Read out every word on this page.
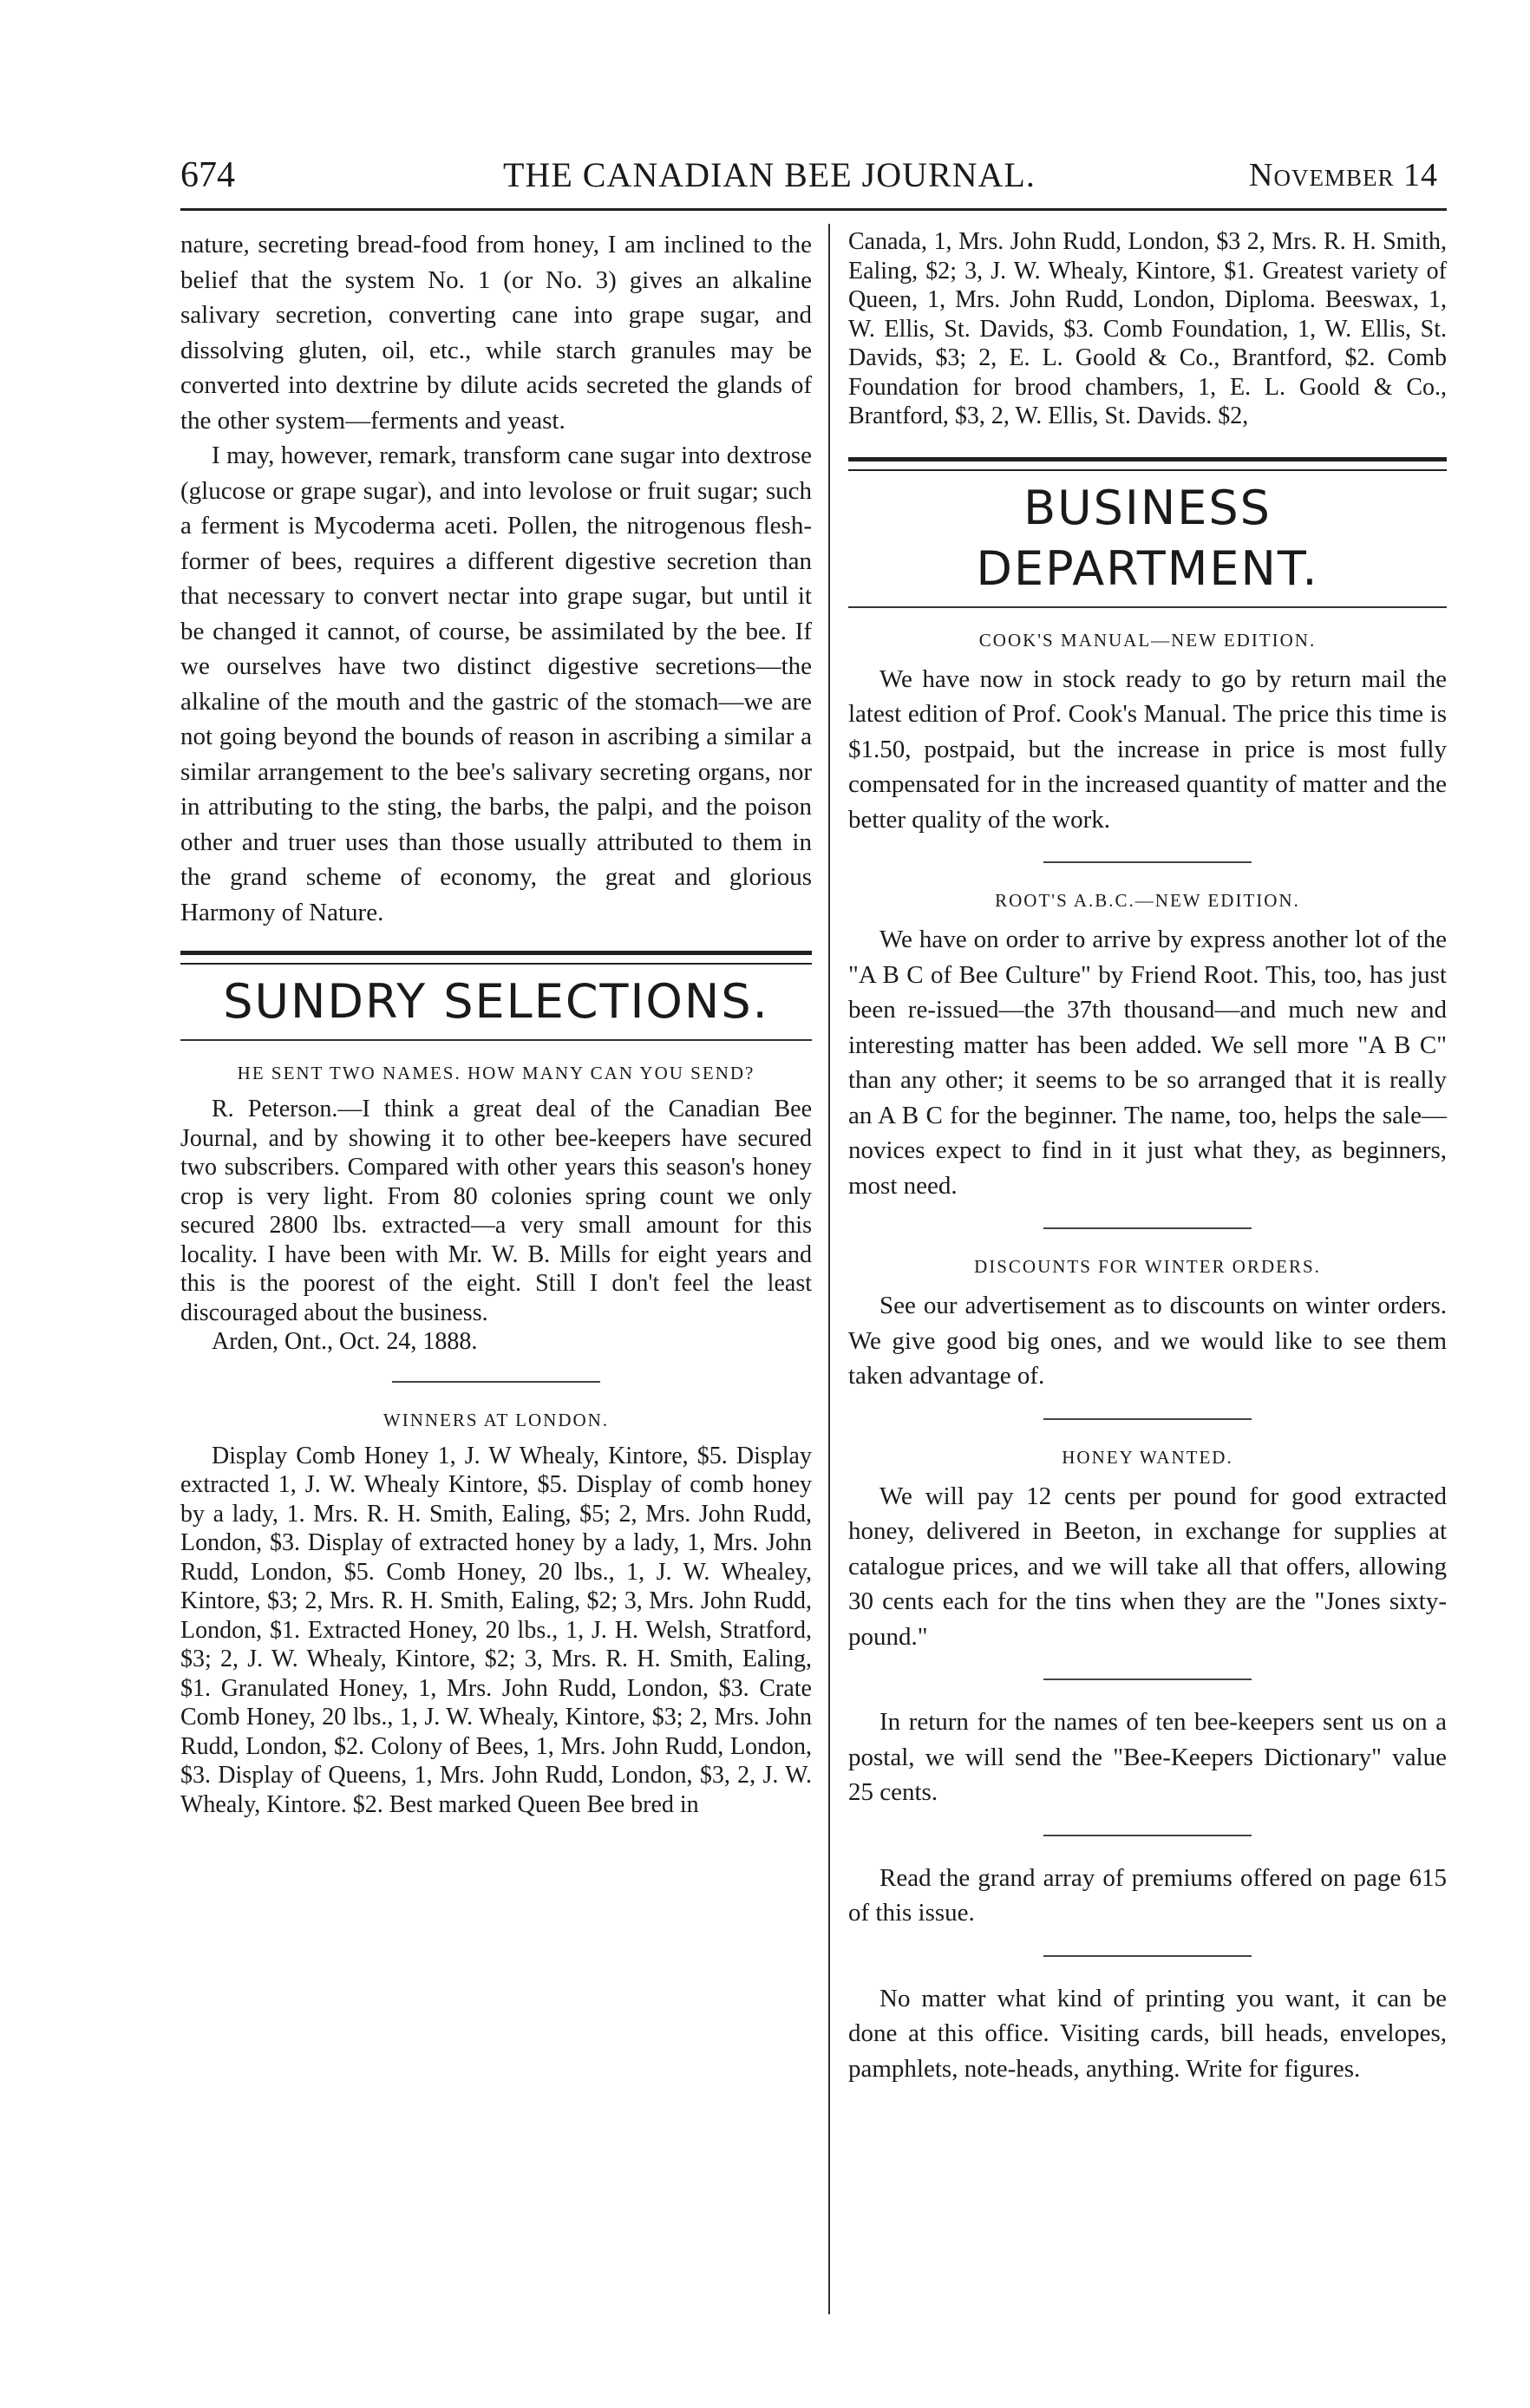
674	THE CANADIAN BEE JOURNAL.	November 14

nature, secreting bread-food from honey, I am inclined to the belief that the system No. 1 (or No. 3) gives an alkaline salivary secretion, converting cane into grape sugar, and dissolving gluten, oil, etc., while starch granules may be converted into dextrine by dilute acids secreted the glands of the other system—ferments and yeast.

I may, however, remark, transform cane sugar into dextrose (glucose or grape sugar), and into levolose or fruit sugar; such a ferment is Mycoderma aceti. Pollen, the nitrogenous flesh-former of bees, requires a different digestive secretion than that necessary to convert nectar into grape sugar, but until it be changed it cannot, of course, be assimilated by the bee. If we ourselves have two distinct digestive secretions—the alkaline of the mouth and the gastric of the stomach—we are not going beyond the bounds of reason in ascribing a similar a similar arrangement to the bee's salivary secreting organs, nor in attributing to the sting, the barbs, the palpi, and the poison other and truer uses than those usually attributed to them in the grand scheme of economy, the great and glorious Harmony of Nature.

SUNDRY SELECTIONS.
HE SENT TWO NAMES. HOW MANY CAN YOU SEND?

R. Peterson.—I think a great deal of the Canadian Bee Journal, and by showing it to other bee-keepers have secured two subscribers. Compared with other years this season's honey crop is very light. From 80 colonies spring count we only secured 2800 lbs. extracted—a very small amount for this locality. I have been with Mr. W. B. Mills for eight years and this is the poorest of the eight. Still I don't feel the least discouraged about the business.

Arden, Ont., Oct. 24, 1888.

WINNERS AT LONDON.

Display Comb Honey 1, J. W Whealy, Kintore, $5. Display extracted 1, J. W. Whealy Kintore, $5. Display of comb honey by a lady, 1. Mrs. R. H. Smith, Ealing, $5; 2, Mrs. John Rudd, London, $3. Display of extracted honey by a lady, 1, Mrs. John Rudd, London, $5. Comb Honey, 20 lbs., 1, J. W. Whealey, Kintore, $3; 2, Mrs. R. H. Smith, Ealing, $2; 3, Mrs. John Rudd, London, $1. Extracted Honey, 20 lbs., 1, J. H. Welsh, Stratford, $3; 2, J. W. Whealy, Kintore, $2; 3, Mrs. R. H. Smith, Ealing, $1. Granulated Honey, 1, Mrs. John Rudd, London, $3. Crate Comb Honey, 20 lbs., 1, J. W. Whealy, Kintore, $3; 2, Mrs. John Rudd, London, $2. Colony of Bees, 1, Mrs. John Rudd, London, $3. Display of Queens, 1, Mrs. John Rudd, London, $3, 2, J. W. Whealy, Kintore. $2. Best marked Queen Bee bred in

Canada, 1, Mrs. John Rudd, London, $3 2, Mrs. R. H. Smith, Ealing, $2; 3, J. W. Whealy, Kintore, $1. Greatest variety of Queen, 1, Mrs. John Rudd, London, Diploma. Beeswax, 1, W. Ellis, St. Davids, $3. Comb Foundation, 1, W. Ellis, St. Davids, $3; 2, E. L. Goold & Co., Brantford, $2. Comb Foundation for brood chambers, 1, E. L. Goold & Co., Brantford, $3, 2, W. Ellis, St. Davids. $2,

BUSINESS DEPARTMENT.
COOK'S MANUAL—NEW EDITION.

We have now in stock ready to go by return mail the latest edition of Prof. Cook's Manual. The price this time is $1.50, postpaid, but the increase in price is most fully compensated for in the increased quantity of matter and the better quality of the work.

ROOT'S A.B.C.—NEW EDITION.

We have on order to arrive by express another lot of the "A B C of Bee Culture" by Friend Root. This, too, has just been re-issued—the 37th thousand—and much new and interesting matter has been added. We sell more "A B C" than any other; it seems to be so arranged that it is really an A B C for the beginner. The name, too, helps the sale—novices expect to find in it just what they, as beginners, most need.

DISCOUNTS FOR WINTER ORDERS.

See our advertisement as to discounts on winter orders. We give good big ones, and we would like to see them taken advantage of.

HONEY WANTED.

We will pay 12 cents per pound for good extracted honey, delivered in Beeton, in exchange for supplies at catalogue prices, and we will take all that offers, allowing 30 cents each for the tins when they are the "Jones sixty-pound."

In return for the names of ten bee-keepers sent us on a postal, we will send the "Bee-Keepers Dictionary" value 25 cents.

Read the grand array of premiums offered on page 615 of this issue.

No matter what kind of printing you want, it can be done at this office. Visiting cards, bill heads, envelopes, pamphlets, note-heads, anything. Write for figures.
